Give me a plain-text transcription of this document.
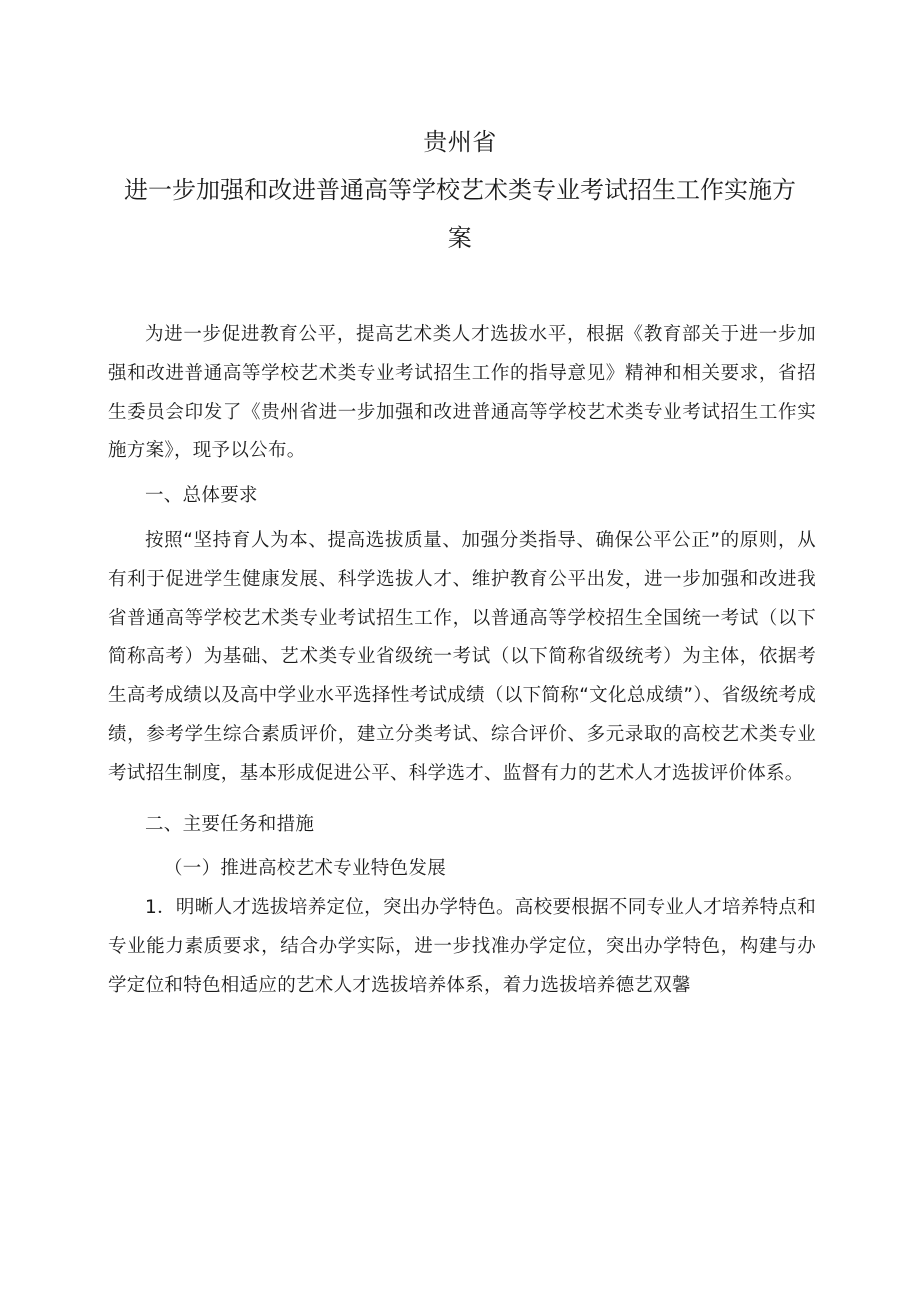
贵州省
进一步加强和改进普通高等学校艺术类专业考试招生工作实施方
案

为进一步促进教育公平，提高艺术类人才选拔水平，根据《教育部关于进一步加强和改进普通高等学校艺术类专业考试招生工作的指导意见》精神和相关要求，省招生委员会印发了《贵州省进一步加强和改进普通高等学校艺术类专业考试招生工作实施方案》，现予以公布。

一、总体要求

按照“坚持育人为本、提高选拔质量、加强分类指导、确保公平公正”的原则，从有利于促进学生健康发展、科学选拔人才、维护教育公平出发，进一步加强和改进我省普通高等学校艺术类专业考试招生工作，以普通高等学校招生全国统一考试（以下简称高考）为基础、艺术类专业省级统一考试（以下简称省级统考）为主体，依据考生高考成绩以及高中学业水平选择性考试成绩（以下简称“文化总成绩”）、省级统考成绩，参考学生综合素质评价，建立分类考试、综合评价、多元录取的高校艺术类专业考试招生制度，基本形成促进公平、科学选才、监督有力的艺术人才选拔评价体系。

二、主要任务和措施

（一）推进高校艺术专业特色发展

1．明晰人才选拔培养定位，突出办学特色。高校要根据不同专业人才培养特点和专业能力素质要求，结合办学实际，进一步找准办学定位，突出办学特色，构建与办学定位和特色相适应的艺术人才选拔培养体系，着力选拔培养德艺双馨
